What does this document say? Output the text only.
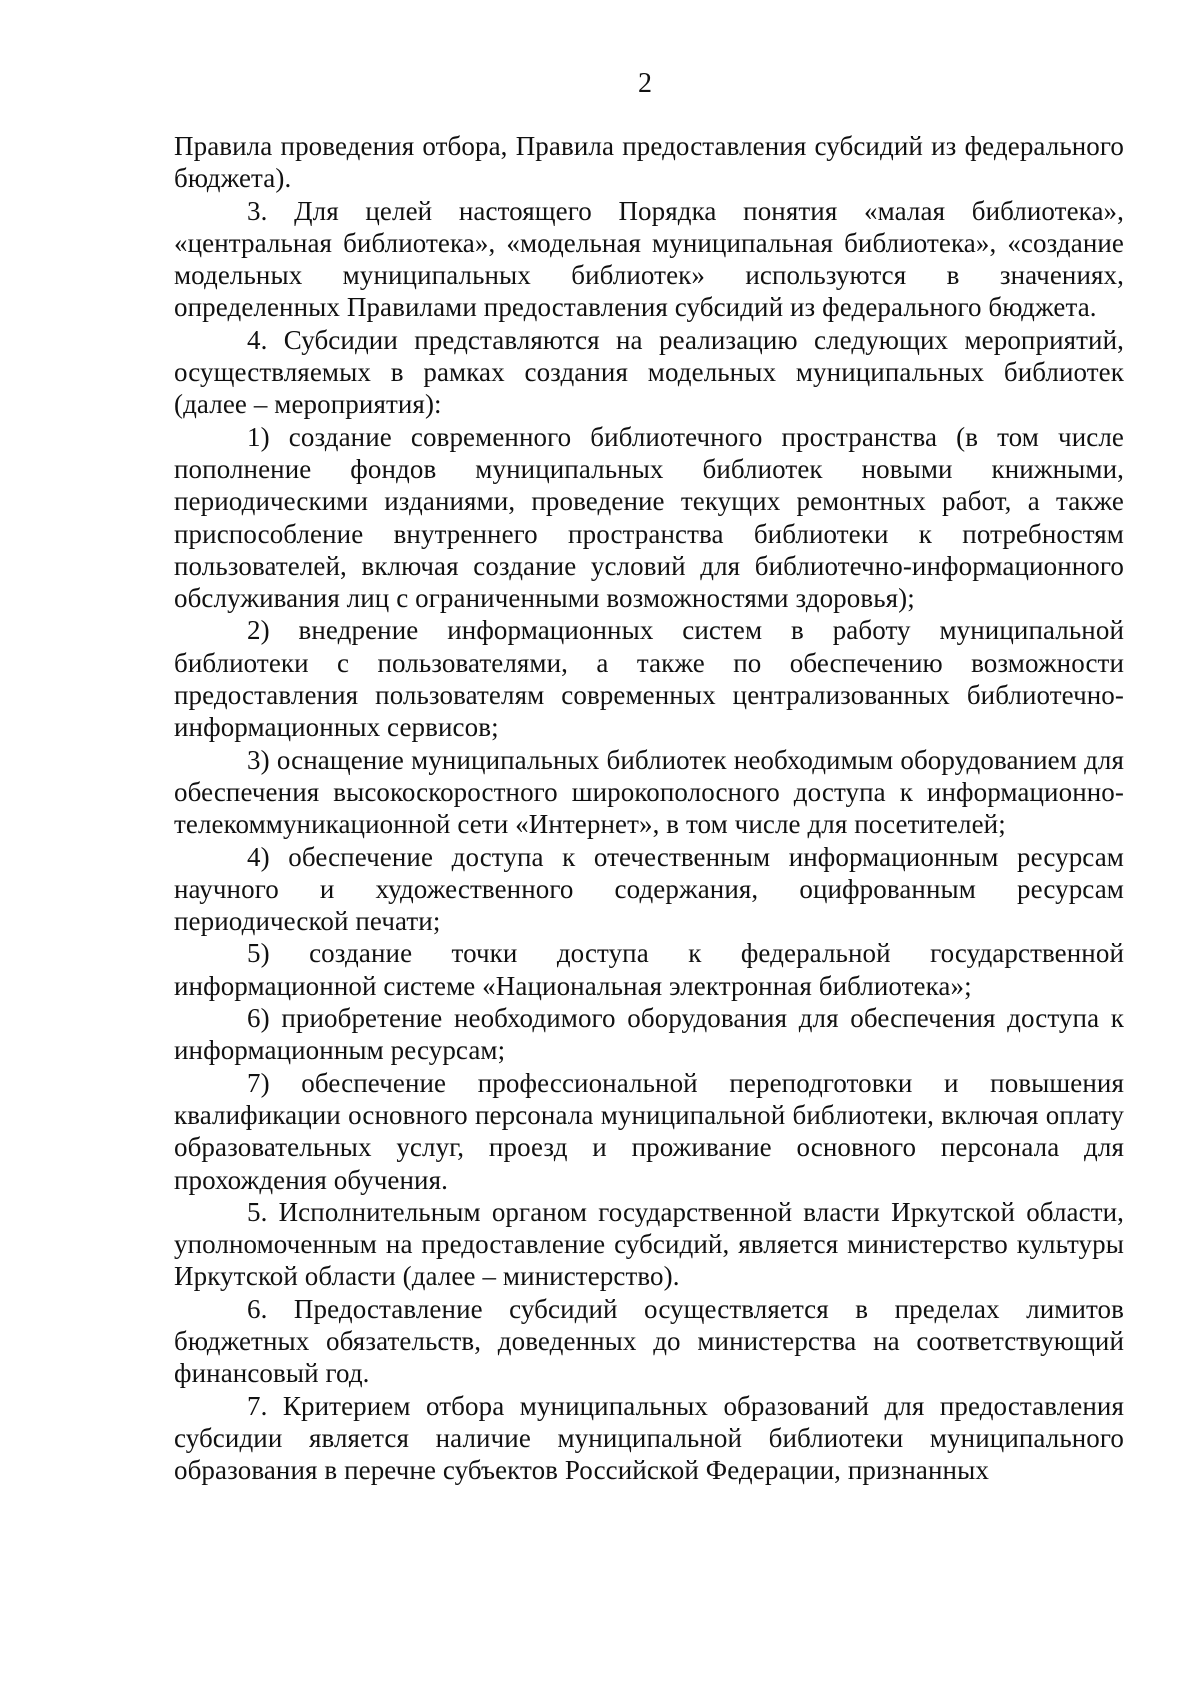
2

Правила проведения отбора, Правила предоставления субсидий из федерального бюджета).

3. Для целей настоящего Порядка понятия «малая библиотека», «центральная библиотека», «модельная муниципальная библиотека», «создание модельных муниципальных библиотек» используются в значениях, определенных Правилами предоставления субсидий из федерального бюджета.

4. Субсидии представляются на реализацию следующих мероприятий, осуществляемых в рамках создания модельных муниципальных библиотек (далее – мероприятия):

1) создание современного библиотечного пространства (в том числе пополнение фондов муниципальных библиотек новыми книжными, периодическими изданиями, проведение текущих ремонтных работ, а также приспособление внутреннего пространства библиотеки к потребностям пользователей, включая создание условий для библиотечно-информационного обслуживания лиц с ограниченными возможностями здоровья);

2) внедрение информационных систем в работу муниципальной библиотеки с пользователями, а также по обеспечению возможности предоставления пользователям современных централизованных библиотечно-информационных сервисов;

3) оснащение муниципальных библиотек необходимым оборудованием для обеспечения высокоскоростного широкополосного доступа к информационно-телекоммуникационной сети «Интернет», в том числе для посетителей;

4) обеспечение доступа к отечественным информационным ресурсам научного и художественного содержания, оцифрованным ресурсам периодической печати;

5) создание точки доступа к федеральной государственной информационной системе «Национальная электронная библиотека»;

6) приобретение необходимого оборудования для обеспечения доступа к информационным ресурсам;

7) обеспечение профессиональной переподготовки и повышения квалификации основного персонала муниципальной библиотеки, включая оплату образовательных услуг, проезд и проживание основного персонала для прохождения обучения.

5. Исполнительным органом государственной власти Иркутской области, уполномоченным на предоставление субсидий, является министерство культуры Иркутской области (далее – министерство).

6. Предоставление субсидий осуществляется в пределах лимитов бюджетных обязательств, доведенных до министерства на соответствующий финансовый год.

7. Критерием отбора муниципальных образований для предоставления субсидии является наличие муниципальной библиотеки муниципального образования в перечне субъектов Российской Федерации, признанных
